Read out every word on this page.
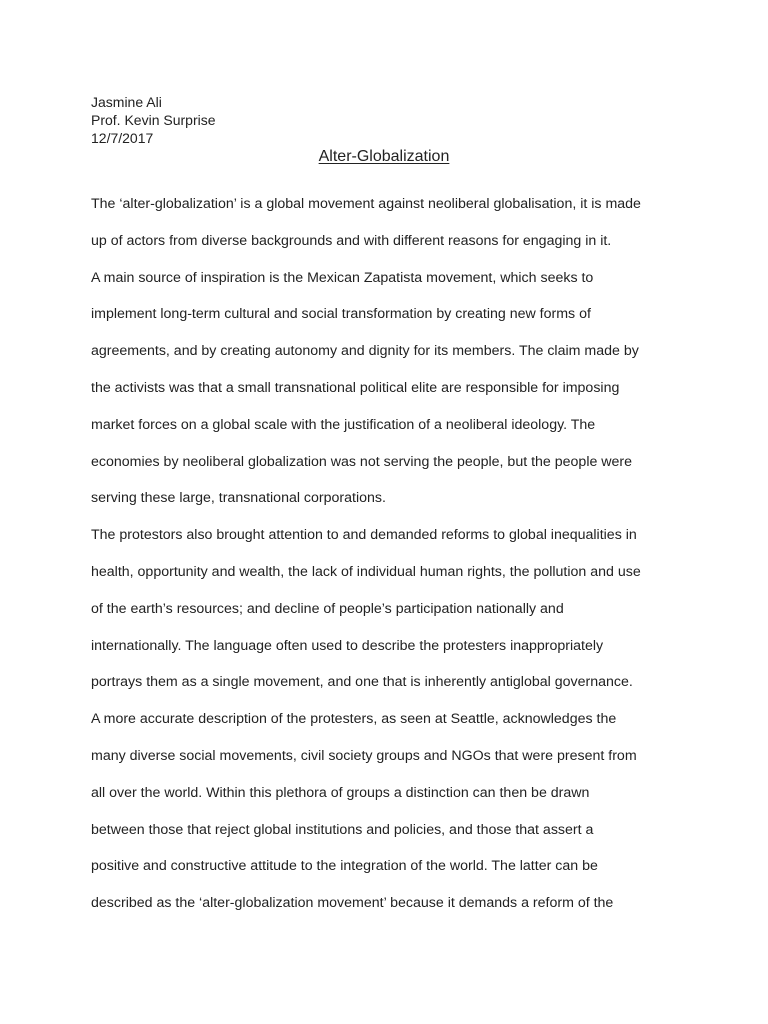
Jasmine Ali
Prof. Kevin Surprise
12/7/2017
Alter-Globalization
The ‘alter-globalization’ is a global movement against neoliberal globalisation, it is made
up of actors from diverse backgrounds and with different reasons for engaging in it.
A main source of inspiration is the Mexican Zapatista movement, which seeks to
implement long-term cultural and social transformation by creating new forms of
agreements, and by creating autonomy and dignity for its members. The claim made by
the activists was that a small transnational political elite are responsible for imposing
market forces on a global scale with the justification of a neoliberal ideology. The
economies by neoliberal globalization was not serving the people, but the people were
serving these large, transnational corporations.
The protestors also brought attention to and demanded reforms to global inequalities in
health, opportunity and wealth, the lack of individual human rights, the pollution and use
of the earth’s resources; and decline of people’s participation nationally and
internationally. The language often used to describe the protesters inappropriately
portrays them as a single movement, and one that is inherently antiglobal governance.
A more accurate description of the protesters, as seen at Seattle, acknowledges the
many diverse social movements, civil society groups and NGOs that were present from
all over the world. Within this plethora of groups a distinction can then be drawn
between those that reject global institutions and policies, and those that assert a
positive and constructive attitude to the integration of the world. The latter can be
described as the ‘alter-globalization movement’ because it demands a reform of the
